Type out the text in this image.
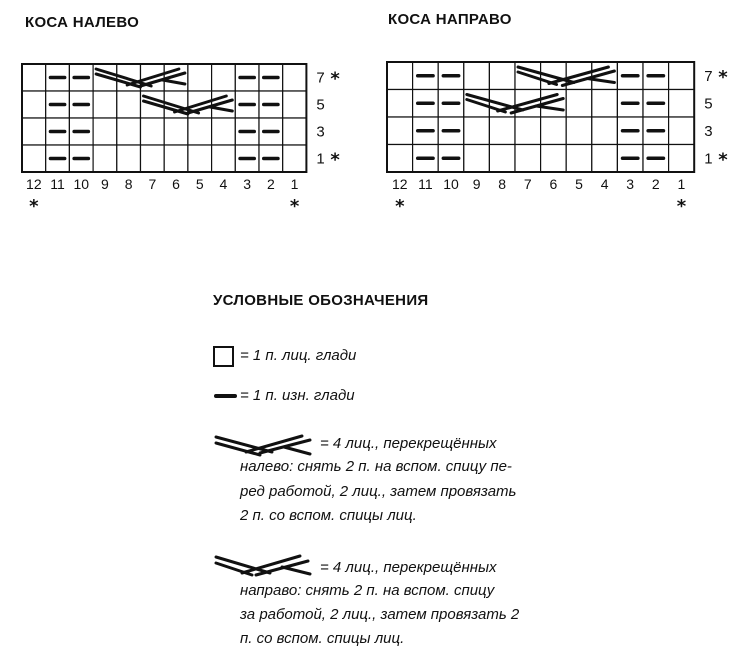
КОСА НАЛЕВО
12 11 10 9 8 7 6 5 4 3 2 1
*	*
7 *
5
3
1 *
КОСА НАПРАВО
12 11 10 9 8 7 6 5 4 3 2 1
*	*
7 *
5
3
1 *
УСЛОВНЫЕ ОБОЗНАЧЕНИЯ
= 1 п. лиц. глади
= 1 п. изн. глади
= 4 лиц., перекрещённых
налево: снять 2 п. на вспом. спицу пе-
ред работой, 2 лиц., затем провязать
2 п. со вспом. спицы лиц.
= 4 лиц., перекрещённых
направо: снять 2 п. на вспом. спицу
за работой, 2 лиц., затем провязать 2
п. со вспом. спицы лиц.
